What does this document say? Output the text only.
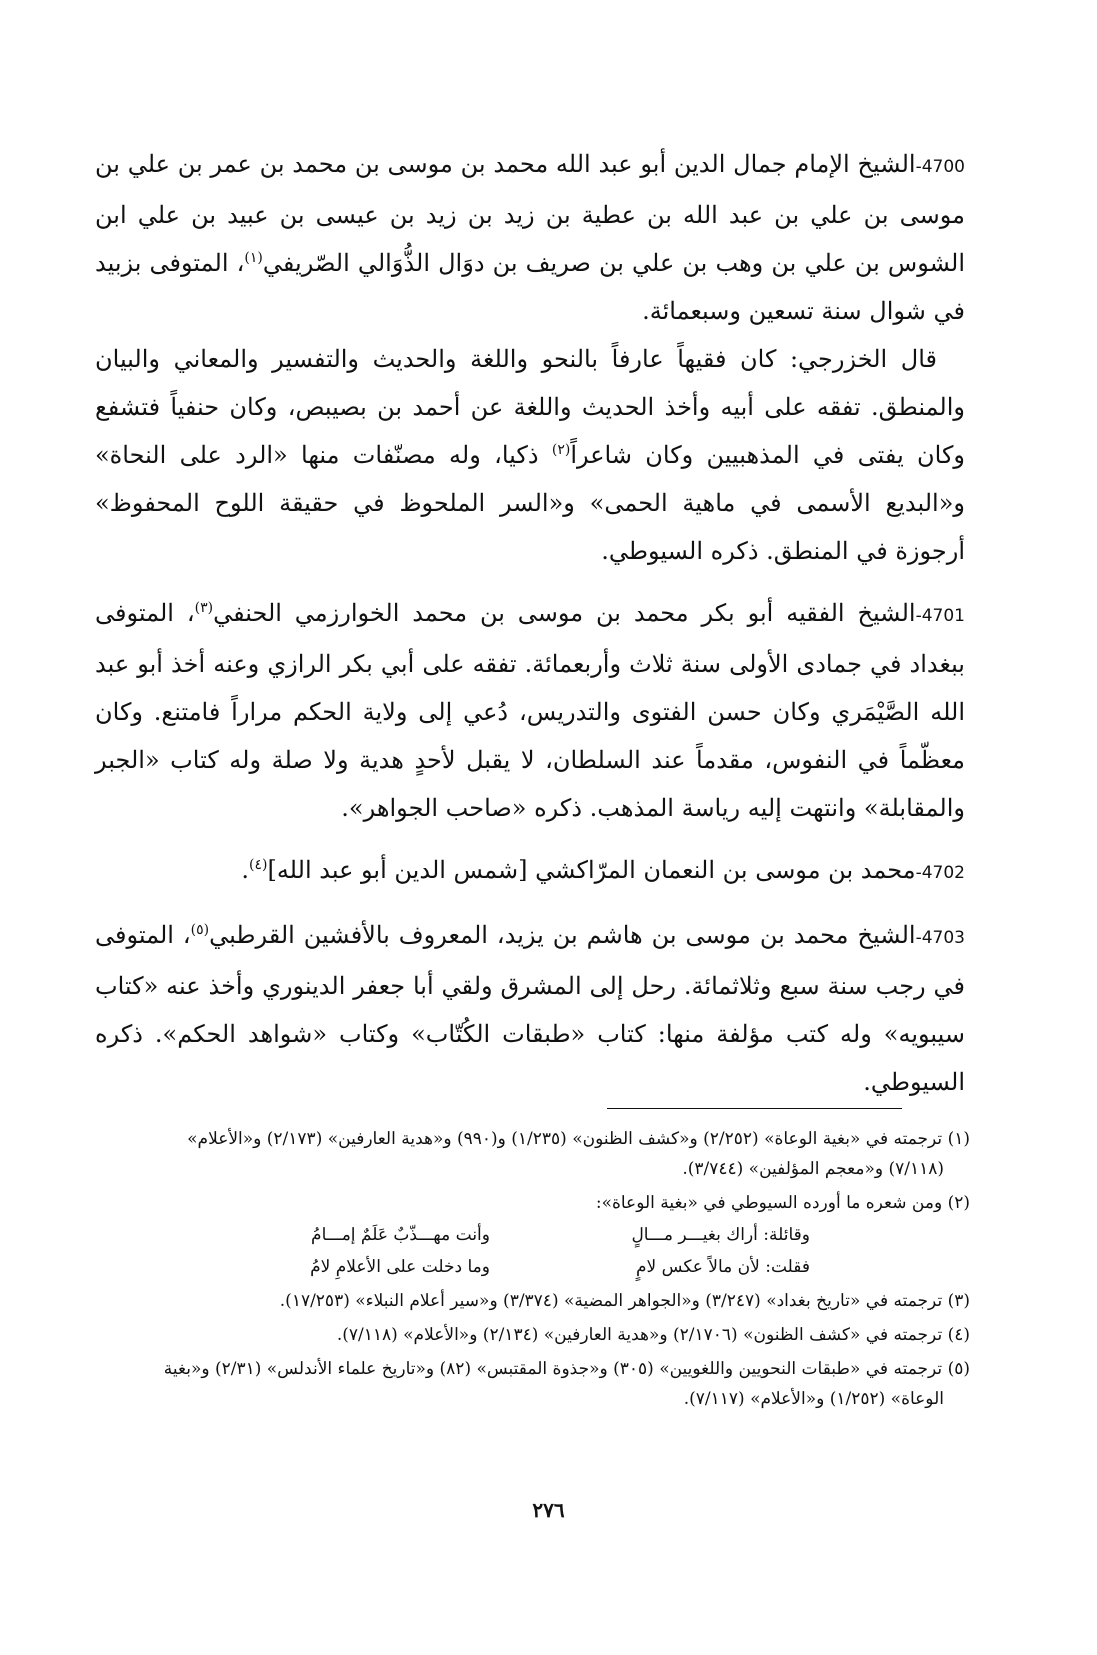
4700-الشيخ الإمام جمال الدين أبو عبد الله محمد بن موسى بن محمد بن عمر بن علي بن موسى بن علي بن عبد الله بن عطية بن زيد بن زيد بن عيسى بن عبيد بن علي ابن الشوس بن علي بن وهب بن علي بن صريف بن دوَال الذُّوَالي الصّريفي$^{(١)}$، المتوفى بزبيد في شوال سنة تسعين وسبعمائة.
قال الخزرجي: كان فقيهاً عارفاً بالنحو واللغة والحديث والتفسير والمعاني والبيان والمنطق. تفقه على أبيه وأخذ الحديث واللغة عن أحمد بن بصيبص، وكان حنفياً فتشفع وكان يفتى في المذهبيين وكان شاعراً$^{(٢)}$ ذكيا، وله مصنّفات منها «الرد على النحاة» و«البديع الأسمى في ماهية الحمى» و«السر الملحوظ في حقيقة اللوح المحفوظ» أرجوزة في المنطق. ذكره السيوطي.
4701-الشيخ الفقيه أبو بكر محمد بن موسى بن محمد الخوارزمي الحنفي$^{(٣)}$، المتوفى ببغداد في جمادى الأولى سنة ثلاث وأربعمائة. تفقه على أبي بكر الرازي وعنه أخذ أبو عبد الله الصَّيْمَري وكان حسن الفتوى والتدريس، دُعي إلى ولاية الحكم مراراً فامتنع. وكان معظّماً في النفوس، مقدماً عند السلطان، لا يقبل لأحدٍ هدية ولا صلة وله كتاب «الجبر والمقابلة» وانتهت إليه رياسة المذهب. ذكره «صاحب الجواهر».
4702-محمد بن موسى بن النعمان المرّاكشي [شمس الدين أبو عبد الله]$^{(٤)}$.
4703-الشيخ محمد بن موسى بن هاشم بن يزيد، المعروف بالأفشين القرطبي$^{(٥)}$، المتوفى في رجب سنة سبع وثلاثمائة. رحل إلى المشرق ولقي أبا جعفر الدينوري وأخذ عنه «كتاب سيبويه» وله كتب مؤلفة منها: كتاب «طبقات الكُتّاب» وكتاب «شواهد الحكم». ذكره السيوطي.
(١) ترجمته في «بغية الوعاة» (٢/٢٥٢) و«كشف الظنون» (١/٢٣٥) و(٩٩٠) و«هدية العارفين» (٢/١٧٣) و«الأعلام»
(٧/١١٨) و«معجم المؤلفين» (٣/٧٤٤).
(٢) ومن شعره ما أورده السيوطي في «بغية الوعاة»:
وقائلة: أراك بغيـــر مـــالٍ
وأنت مهـــذّبٌ عَلَمٌ إمـــامُ
فقلت: لأن مالاً عكس لامٍ
وما دخلت على الأعلامِ لامُ
(٣) ترجمته في «تاريخ بغداد» (٣/٢٤٧) و«الجواهر المضية» (٣/٣٧٤) و«سير أعلام النبلاء» (١٧/٢٥٣).
(٤) ترجمته في «كشف الظنون» (٢/١٧٠٦) و«هدية العارفين» (٢/١٣٤) و«الأعلام» (٧/١١٨).
(٥) ترجمته في «طبقات النحويين واللغويين» (٣٠٥) و«جذوة المقتبس» (٨٢) و«تاريخ علماء الأندلس» (٢/٣١) و«بغية
الوعاة» (١/٢٥٢) و«الأعلام» (٧/١١٧).
٢٧٦
